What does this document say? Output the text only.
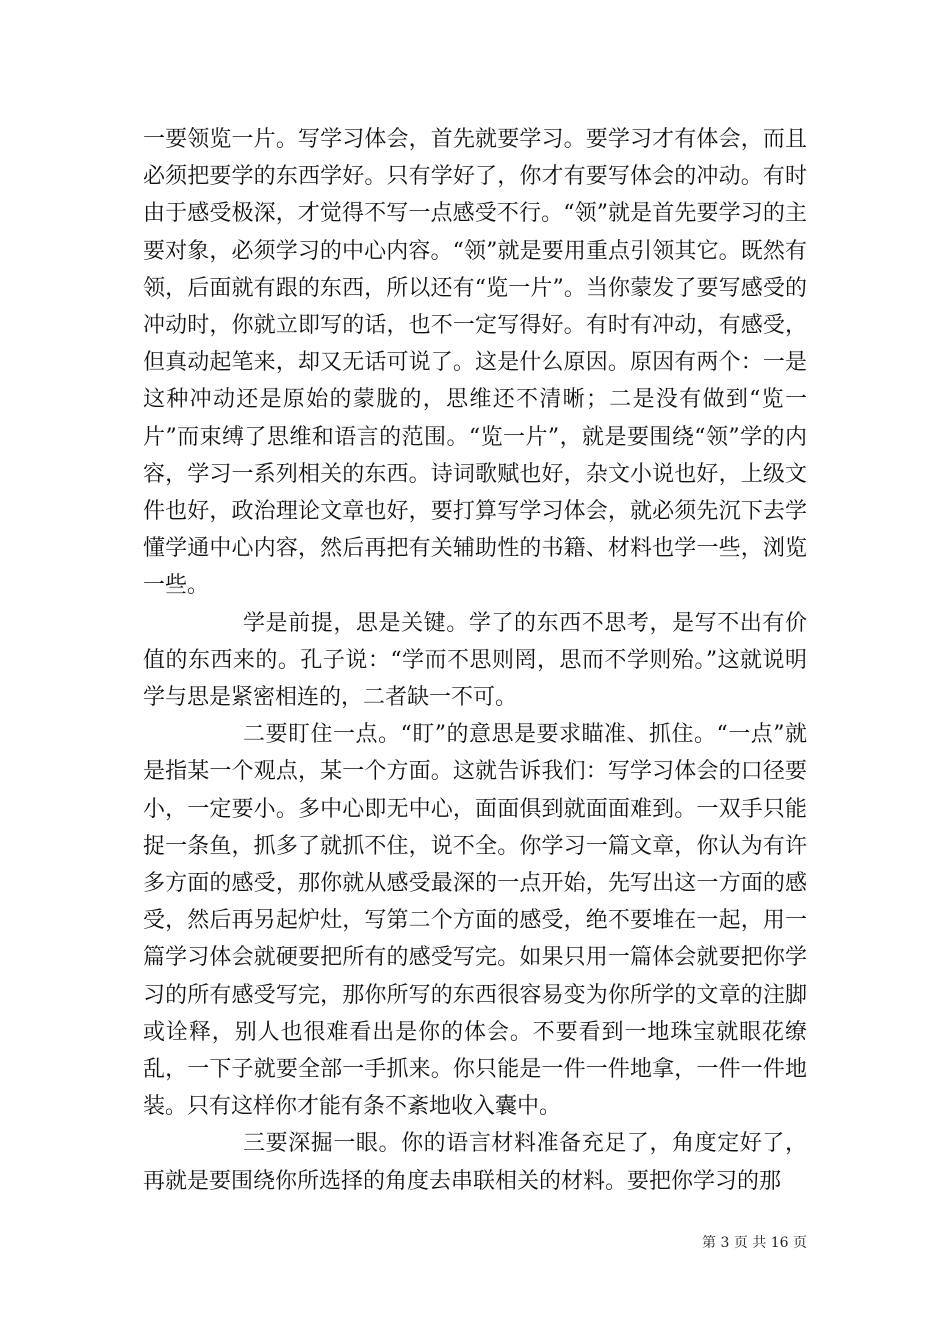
一要领览一片。写学习体会，首先就要学习。要学习才有体会，而且必须把要学的东西学好。只有学好了，你才有要写体会的冲动。有时由于感受极深，才觉得不写一点感受不行。“领”就是首先要学习的主要对象，必须学习的中心内容。“领”就是要用重点引领其它。既然有领，后面就有跟的东西，所以还有“览一片”。当你蒙发了要写感受的冲动时，你就立即写的话，也不一定写得好。有时有冲动，有感受，但真动起笔来，却又无话可说了。这是什么原因。原因有两个：一是这种冲动还是原始的蒙胧的，思维还不清晰；二是没有做到“览一片”而束缚了思维和语言的范围。“览一片”，就是要围绕“领”学的内容，学习一系列相关的东西。诗词歌赋也好，杂文小说也好，上级文件也好，政治理论文章也好，要打算写学习体会，就必须先沉下去学懂学通中心内容，然后再把有关辅助性的书籍、材料也学一些，浏览一些。

学是前提，思是关键。学了的东西不思考，是写不出有价值的东西来的。孔子说：“学而不思则罔，思而不学则殆。”这就说明学与思是紧密相连的，二者缺一不可。

二要盯住一点。“盯”的意思是要求瞄准、抓住。“一点”就是指某一个观点，某一个方面。这就告诉我们：写学习体会的口径要小，一定要小。多中心即无中心，面面俱到就面面难到。一双手只能捉一条鱼，抓多了就抓不住，说不全。你学习一篇文章，你认为有许多方面的感受，那你就从感受最深的一点开始，先写出这一方面的感受，然后再另起炉灶，写第二个方面的感受，绝不要堆在一起，用一篇学习体会就硬要把所有的感受写完。如果只用一篇体会就要把你学习的所有感受写完，那你所写的东西很容易变为你所学的文章的注脚或诠释，别人也很难看出是你的体会。不要看到一地珠宝就眼花缭乱，一下子就要全部一手抓来。你只能是一件一件地拿，一件一件地装。只有这样你才能有条不紊地收入囊中。

三要深掘一眼。你的语言材料准备充足了，角度定好了，再就是要围绕你所选择的角度去串联相关的材料。要把你学习的那

第 3 页 共 16 页
